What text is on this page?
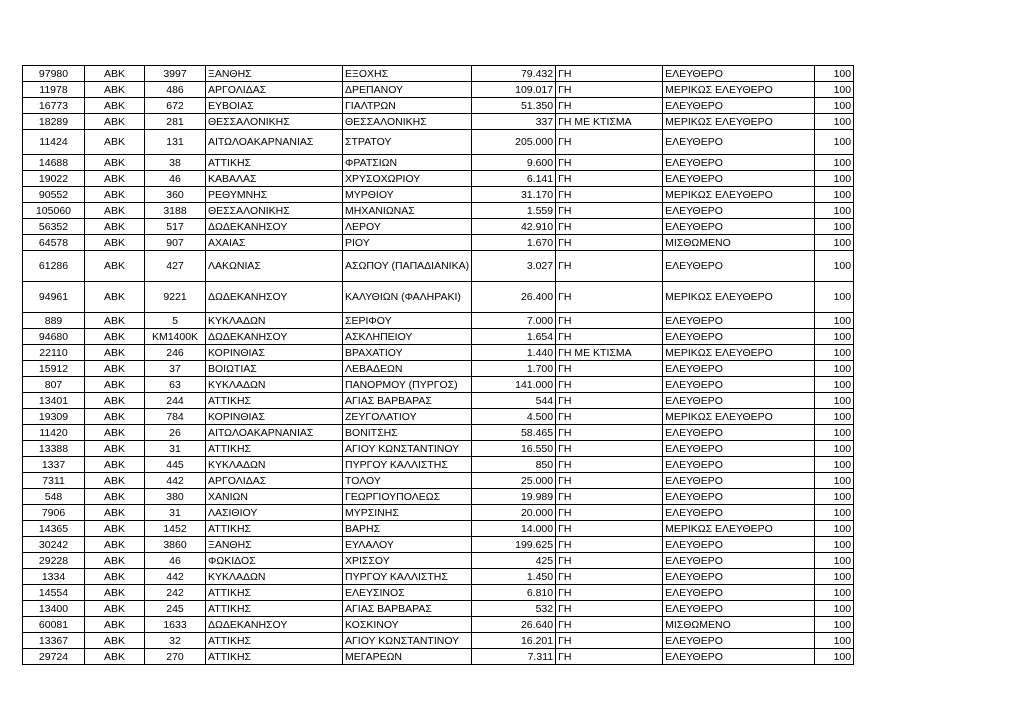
97980	ΑΒΚ	3997	ΞΑΝΘΗΣ	ΕΞΟΧΗΣ	79.432	ΓΗ	ΕΛΕΥΘΕΡΟ	100
11978	ΑΒΚ	486	ΑΡΓΟΛΙΔΑΣ	ΔΡΕΠΑΝΟΥ	109.017	ΓΗ	ΜΕΡΙΚΩΣ ΕΛΕΥΘΕΡΟ	100
16773	ΑΒΚ	672	ΕΥΒΟΙΑΣ	ΓΙΑΛΤΡΩΝ	51.350	ΓΗ	ΕΛΕΥΘΕΡΟ	100
18289	ΑΒΚ	281	ΘΕΣΣΑΛΟΝΙΚΗΣ	ΘΕΣΣΑΛΟΝΙΚΗΣ	337	ΓΗ ΜΕ ΚΤΙΣΜΑ	ΜΕΡΙΚΩΣ ΕΛΕΥΘΕΡΟ	100
11424	ΑΒΚ	131	ΑΙΤΩΛΟΑΚΑΡΝΑΝΙΑΣ	ΣΤΡΑΤΟΥ	205.000	ΓΗ	ΕΛΕΥΘΕΡΟ	100
14688	ΑΒΚ	38	ΑΤΤΙΚΗΣ	ΦΡΑΤΣΙΩΝ	9.600	ΓΗ	ΕΛΕΥΘΕΡΟ	100
19022	ΑΒΚ	46	ΚΑΒΑΛΑΣ	ΧΡΥΣΟΧΩΡΙΟΥ	6.141	ΓΗ	ΕΛΕΥΘΕΡΟ	100
90552	ΑΒΚ	360	ΡΕΘΥΜΝΗΣ	ΜΥΡΘΙΟΥ	31.170	ΓΗ	ΜΕΡΙΚΩΣ ΕΛΕΥΘΕΡΟ	100
105060	ΑΒΚ	3188	ΘΕΣΣΑΛΟΝΙΚΗΣ	ΜΗΧΑΝΙΩΝΑΣ	1.559	ΓΗ	ΕΛΕΥΘΕΡΟ	100
56352	ΑΒΚ	517	ΔΩΔΕΚΑΝΗΣΟΥ	ΛΕΡΟΥ	42.910	ΓΗ	ΕΛΕΥΘΕΡΟ	100
64578	ΑΒΚ	907	ΑΧΑΙΑΣ	ΡΙΟΥ	1.670	ΓΗ	ΜΙΣΘΩΜΕΝΟ	100
61286	ΑΒΚ	427	ΛΑΚΩΝΙΑΣ	ΑΣΩΠΟΥ (ΠΑΠΑΔΙΑΝΙΚΑ)	3.027	ΓΗ	ΕΛΕΥΘΕΡΟ	100
94961	ΑΒΚ	9221	ΔΩΔΕΚΑΝΗΣΟΥ	ΚΑΛΥΘΙΩΝ (ΦΑΛΗΡΑΚΙ)	26.400	ΓΗ	ΜΕΡΙΚΩΣ ΕΛΕΥΘΕΡΟ	100
889	ΑΒΚ	5	ΚΥΚΛΑΔΩΝ	ΣΕΡΙΦΟΥ	7.000	ΓΗ	ΕΛΕΥΘΕΡΟ	100
94680	ΑΒΚ	ΚΜ1400Κ	ΔΩΔΕΚΑΝΗΣΟΥ	ΑΣΚΛΗΠΕΙΟΥ	1.654	ΓΗ	ΕΛΕΥΘΕΡΟ	100
22110	ΑΒΚ	246	ΚΟΡΙΝΘΙΑΣ	ΒΡΑΧΑΤΙΟΥ	1.440	ΓΗ ΜΕ ΚΤΙΣΜΑ	ΜΕΡΙΚΩΣ ΕΛΕΥΘΕΡΟ	100
15912	ΑΒΚ	37	ΒΟΙΩΤΙΑΣ	ΛΕΒΑΔΕΩΝ	1.700	ΓΗ	ΕΛΕΥΘΕΡΟ	100
807	ΑΒΚ	63	ΚΥΚΛΑΔΩΝ	ΠΑΝΟΡΜΟΥ (ΠΥΡΓΟΣ)	141.000	ΓΗ	ΕΛΕΥΘΕΡΟ	100
13401	ΑΒΚ	244	ΑΤΤΙΚΗΣ	ΑΓΙΑΣ ΒΑΡΒΑΡΑΣ	544	ΓΗ	ΕΛΕΥΘΕΡΟ	100
19309	ΑΒΚ	784	ΚΟΡΙΝΘΙΑΣ	ΖΕΥΓΟΛΑΤΙΟΥ	4.500	ΓΗ	ΜΕΡΙΚΩΣ ΕΛΕΥΘΕΡΟ	100
11420	ΑΒΚ	26	ΑΙΤΩΛΟΑΚΑΡΝΑΝΙΑΣ	ΒΟΝΙΤΣΗΣ	58.465	ΓΗ	ΕΛΕΥΘΕΡΟ	100
13388	ΑΒΚ	31	ΑΤΤΙΚΗΣ	ΑΓΙΟΥ ΚΩΝΣΤΑΝΤΙΝΟΥ	16.550	ΓΗ	ΕΛΕΥΘΕΡΟ	100
1337	ΑΒΚ	445	ΚΥΚΛΑΔΩΝ	ΠΥΡΓΟΥ ΚΑΛΛΙΣΤΗΣ	850	ΓΗ	ΕΛΕΥΘΕΡΟ	100
7311	ΑΒΚ	442	ΑΡΓΟΛΙΔΑΣ	ΤΟΛΟΥ	25.000	ΓΗ	ΕΛΕΥΘΕΡΟ	100
548	ΑΒΚ	380	ΧΑΝΙΩΝ	ΓΕΩΡΓΙΟΥΠΟΛΕΩΣ	19.989	ΓΗ	ΕΛΕΥΘΕΡΟ	100
7906	ΑΒΚ	31	ΛΑΣΙΘΙΟΥ	ΜΥΡΣΙΝΗΣ	20.000	ΓΗ	ΕΛΕΥΘΕΡΟ	100
14365	ΑΒΚ	1452	ΑΤΤΙΚΗΣ	ΒΑΡΗΣ	14.000	ΓΗ	ΜΕΡΙΚΩΣ ΕΛΕΥΘΕΡΟ	100
30242	ΑΒΚ	3860	ΞΑΝΘΗΣ	ΕΥΛΑΛΟΥ	199.625	ΓΗ	ΕΛΕΥΘΕΡΟ	100
29228	ΑΒΚ	46	ΦΩΚΙΔΟΣ	ΧΡΙΣΣΟΥ	425	ΓΗ	ΕΛΕΥΘΕΡΟ	100
1334	ΑΒΚ	442	ΚΥΚΛΑΔΩΝ	ΠΥΡΓΟΥ ΚΑΛΛΙΣΤΗΣ	1.450	ΓΗ	ΕΛΕΥΘΕΡΟ	100
14554	ΑΒΚ	242	ΑΤΤΙΚΗΣ	ΕΛΕΥΣΙΝΟΣ	6.810	ΓΗ	ΕΛΕΥΘΕΡΟ	100
13400	ΑΒΚ	245	ΑΤΤΙΚΗΣ	ΑΓΙΑΣ ΒΑΡΒΑΡΑΣ	532	ΓΗ	ΕΛΕΥΘΕΡΟ	100
60081	ΑΒΚ	1633	ΔΩΔΕΚΑΝΗΣΟΥ	ΚΟΣΚΙΝΟΥ	26.640	ΓΗ	ΜΙΣΘΩΜΕΝΟ	100
13367	ΑΒΚ	32	ΑΤΤΙΚΗΣ	ΑΓΙΟΥ ΚΩΝΣΤΑΝΤΙΝΟΥ	16.201	ΓΗ	ΕΛΕΥΘΕΡΟ	100
29724	ΑΒΚ	270	ΑΤΤΙΚΗΣ	ΜΕΓΑΡΕΩΝ	7.311	ΓΗ	ΕΛΕΥΘΕΡΟ	100
